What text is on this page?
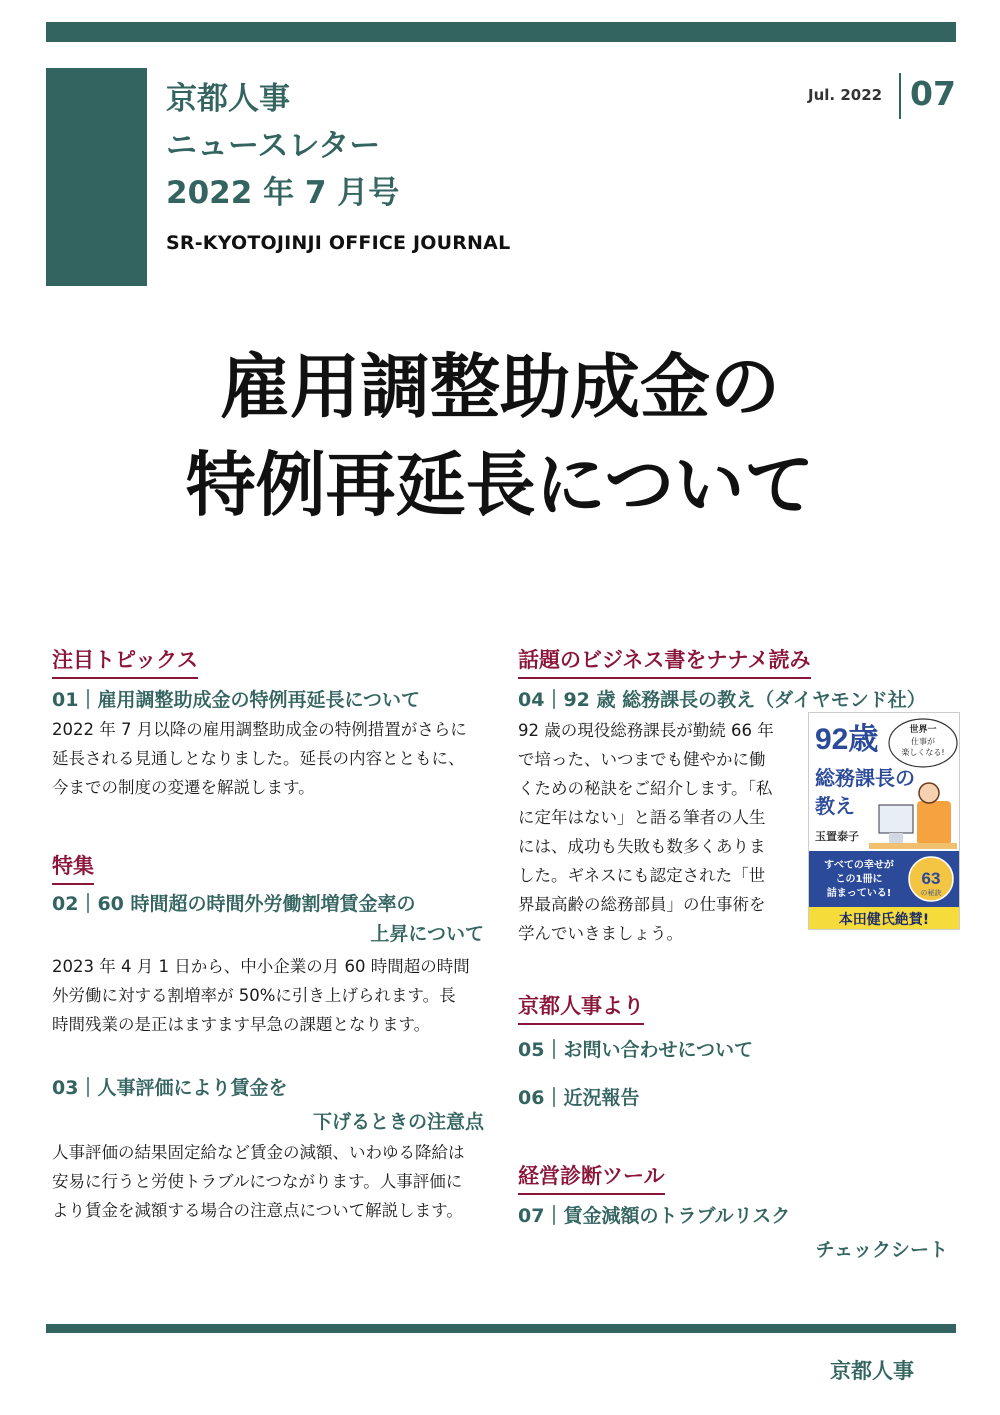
京都人事
ニュースレター
2022 年 7 月号
SR-KYOTOJINJI OFFICE JOURNAL
Jul. 2022 07
雇用調整助成金の
特例再延長について
注目トピックス
01｜雇用調整助成金の特例再延長について
2022 年 7 月以降の雇用調整助成金の特例措置がさらに
延長される見通しとなりました。延長の内容とともに、
今までの制度の変遷を解説します。
特集
02｜60 時間超の時間外労働割増賃金率の
上昇について
2023 年 4 月 1 日から、中小企業の月 60 時間超の時間
外労働に対する割増率が 50%に引き上げられます。長
時間残業の是正はますます早急の課題となります。
03｜人事評価により賃金を
下げるときの注意点
人事評価の結果固定給など賃金の減額、いわゆる降給は
安易に行うと労使トラブルにつながります。人事評価に
より賃金を減額する場合の注意点について解説します。
話題のビジネス書をナナメ読み
04｜92 歳 総務課長の教え（ダイヤモンド社）
92 歳の現役総務課長が勤続 66 年
で培った、いつまでも健やかに働
くための秘訣をご紹介します。「私
に定年はない」と語る筆者の人生
には、成功も失敗も数多くありま
した。ギネスにも認定された「世
界最高齢の総務部員」の仕事術を
学んでいきましょう。
92歳	世界一
仕事が
楽しくなる!
総務課長の
教え
玉置泰子
すべての幸せが
この1冊に
詰まっている!
63
の秘訣
本田健氏絶賛!
京都人事より
05｜お問い合わせについて
06｜近況報告
経営診断ツール
07｜賃金減額のトラブルリスク
チェックシート
京都人事
